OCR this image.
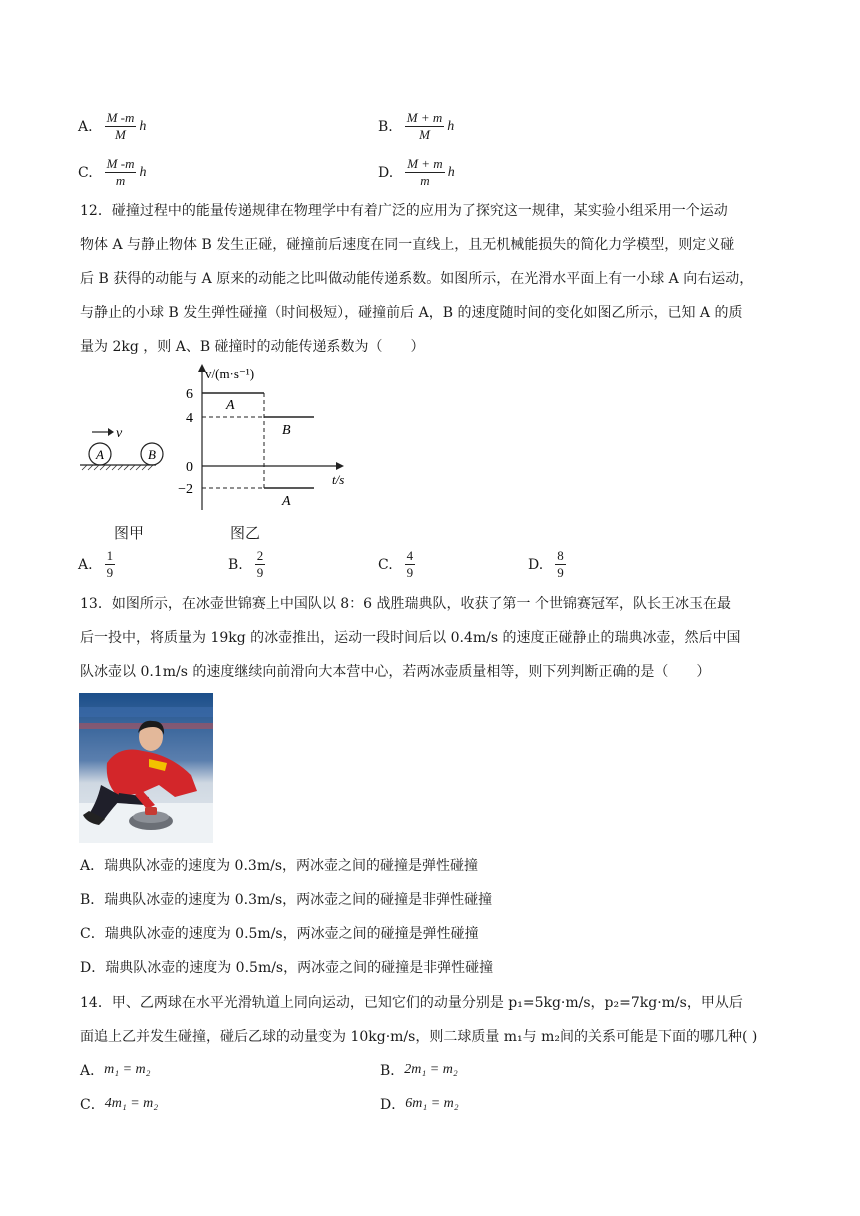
A. $\frac{M -m}{M}$ h	B. $\frac{M + m}{M}$ h
C. $\frac{M -m}{m}$ h	D. $\frac{M + m}{m}$ h
12．碰撞过程中的能量传递规律在物理学中有着广泛的应用为了探究这一规律，某实验小组采用一个运动
物体 A 与静止物体 B 发生正碰，碰撞前后速度在同一直线上，且无机械能损失的简化力学模型，则定义碰
后 B 获得的动能与 A 原来的动能之比叫做动能传递系数。如图所示，在光滑水平面上有一小球 A 向右运动，
与静止的小球 B 发生弹性碰撞（时间极短），碰撞前后 A，B 的速度随时间的变化如图乙所示，已知 A 的质
量为 2kg ，则 A、B 碰撞时的动能传递系数为（　　）
A	B
v
v/(m·s⁻¹)
t/s
6
4
0
−2
A
B
A
图甲	图乙
A. $\frac{1}{9}$	B. $\frac{2}{9}$	C. $\frac{4}{9}$	D. $\frac{8}{9}$
13．如图所示，在冰壶世锦赛上中国队以 8：6 战胜瑞典队，收获了第一 个世锦赛冠军，队长王冰玉在最
后一投中，将质量为 19kg 的冰壶推出，运动一段时间后以 0.4m/s 的速度正碰静止的瑞典冰壶，然后中国
队冰壶以 0.1m/s 的速度继续向前滑向大本营中心，若两冰壶质量相等，则下列判断正确的是（　　）
A．瑞典队冰壶的速度为 0.3m/s，两冰壶之间的碰撞是弹性碰撞
B．瑞典队冰壶的速度为 0.3m/s，两冰壶之间的碰撞是非弹性碰撞
C．瑞典队冰壶的速度为 0.5m/s，两冰壶之间的碰撞是弹性碰撞
D．瑞典队冰壶的速度为 0.5m/s，两冰壶之间的碰撞是非弹性碰撞
14．甲、乙两球在水平光滑轨道上同向运动，已知它们的动量分别是 p₁=5kg·m/s，p₂=7kg·m/s，甲从后
面追上乙并发生碰撞，碰后乙球的动量变为 10kg·m/s，则二球质量 m₁与 m₂间的关系可能是下面的哪几种( )
A． m₁ = m₂	B． 2m₁ = m₂
C． 4m₁ = m₂	D． 6m₁ = m₂
